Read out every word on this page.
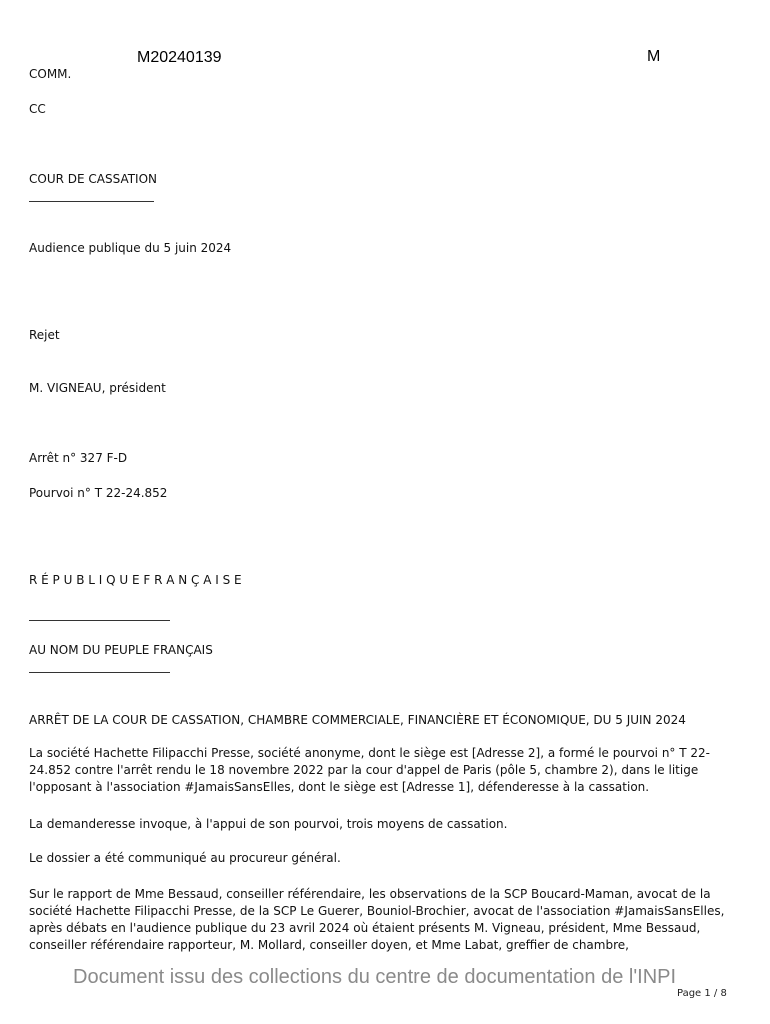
M20240139	M
COMM.
CC
COUR DE CASSATION
Audience publique du 5 juin 2024
Rejet
M. VIGNEAU, président
Arrêt n° 327 F-D
Pourvoi n° T 22-24.852
R É P U B L I Q U E F R A N Ç A I S E
AU NOM DU PEUPLE FRANÇAIS
ARRÊT DE LA COUR DE CASSATION, CHAMBRE COMMERCIALE, FINANCIÈRE ET ÉCONOMIQUE, DU 5 JUIN 2024

La société Hachette Filipacchi Presse, société anonyme, dont le siège est [Adresse 2], a formé le pourvoi n° T 22-24.852 contre l'arrêt rendu le 18 novembre 2022 par la cour d'appel de Paris (pôle 5, chambre 2), dans le litige l'opposant à l'association #JamaisSansElles, dont le siège est [Adresse 1], défenderesse à la cassation.

La demanderesse invoque, à l'appui de son pourvoi, trois moyens de cassation.

Le dossier a été communiqué au procureur général.

Sur le rapport de Mme Bessaud, conseiller référendaire, les observations de la SCP Boucard-Maman, avocat de la société Hachette Filipacchi Presse, de la SCP Le Guerer, Bouniol-Brochier, avocat de l'association #JamaisSansElles, après débats en l'audience publique du 23 avril 2024 où étaient présents M. Vigneau, président, Mme Bessaud, conseiller référendaire rapporteur, M. Mollard, conseiller doyen, et Mme Labat, greffier de chambre,

Document issu des collections du centre de documentation de l'INPI
Page 1 / 8
